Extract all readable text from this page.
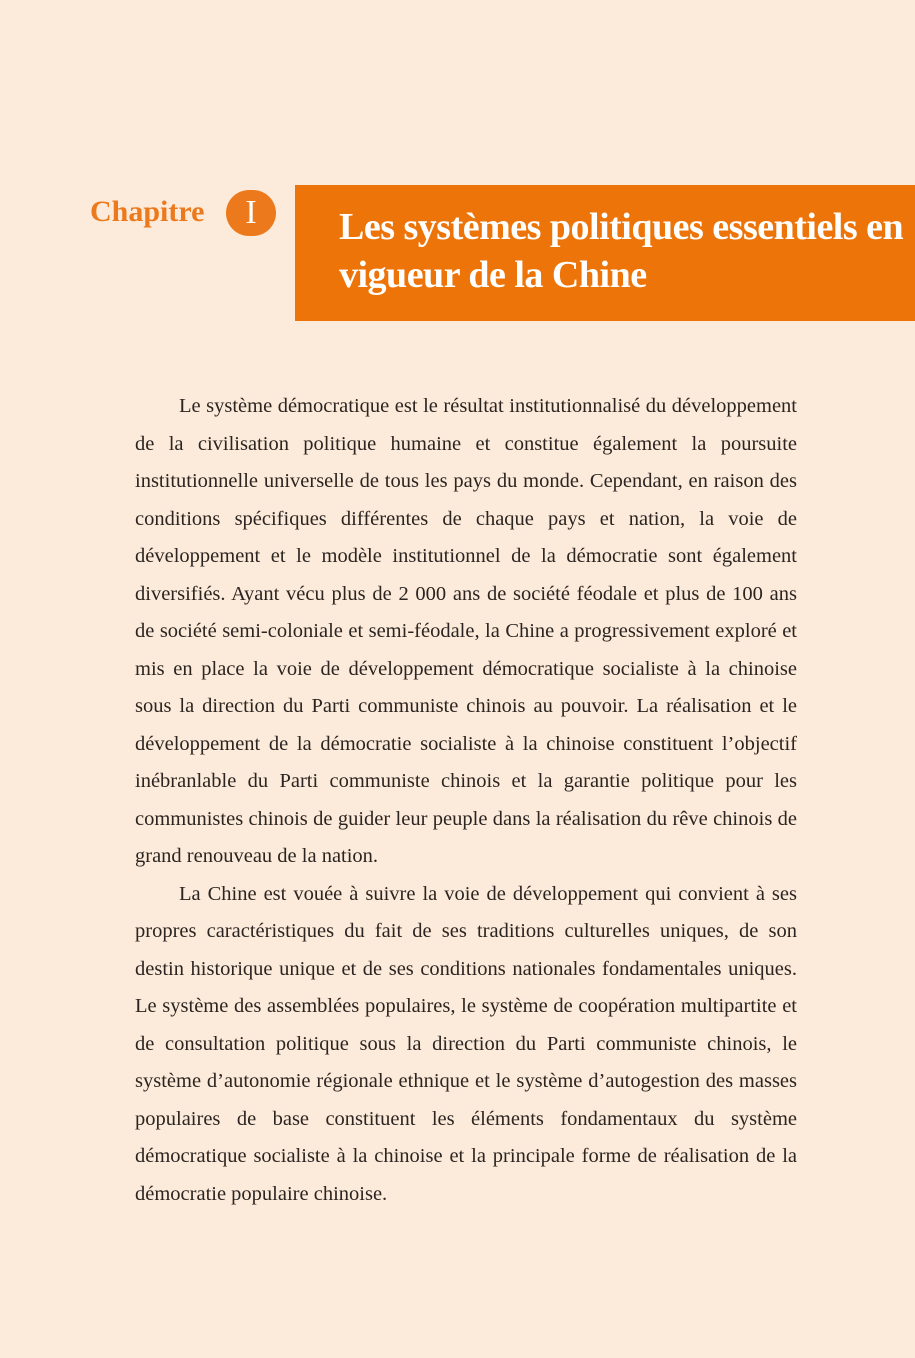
Chapitre	I	Les systèmes politiques essentiels en vigueur de la Chine

Le système démocratique est le résultat institutionnalisé du développement de la civilisation politique humaine et constitue également la poursuite institutionnelle universelle de tous les pays du monde. Cependant, en raison des conditions spécifiques différentes de chaque pays et nation, la voie de développement et le modèle institutionnel de la démocratie sont également diversifiés. Ayant vécu plus de 2 000 ans de société féodale et plus de 100 ans de société semi-coloniale et semi-féodale, la Chine a progressivement exploré et mis en place la voie de développement démocratique socialiste à la chinoise sous la direction du Parti communiste chinois au pouvoir. La réalisation et le développement de la démocratie socialiste à la chinoise constituent l’objectif inébranlable du Parti communiste chinois et la garantie politique pour les communistes chinois de guider leur peuple dans la réalisation du rêve chinois de grand renouveau de la nation.

La Chine est vouée à suivre la voie de développement qui convient à ses propres caractéristiques du fait de ses traditions culturelles uniques, de son destin historique unique et de ses conditions nationales fondamentales uniques. Le système des assemblées populaires, le système de coopération multipartite et de consultation politique sous la direction du Parti communiste chinois, le système d’autonomie régionale ethnique et le système d’autogestion des masses populaires de base constituent les éléments fondamentaux du système démocratique socialiste à la chinoise et la principale forme de réalisation de la démocratie populaire chinoise.
